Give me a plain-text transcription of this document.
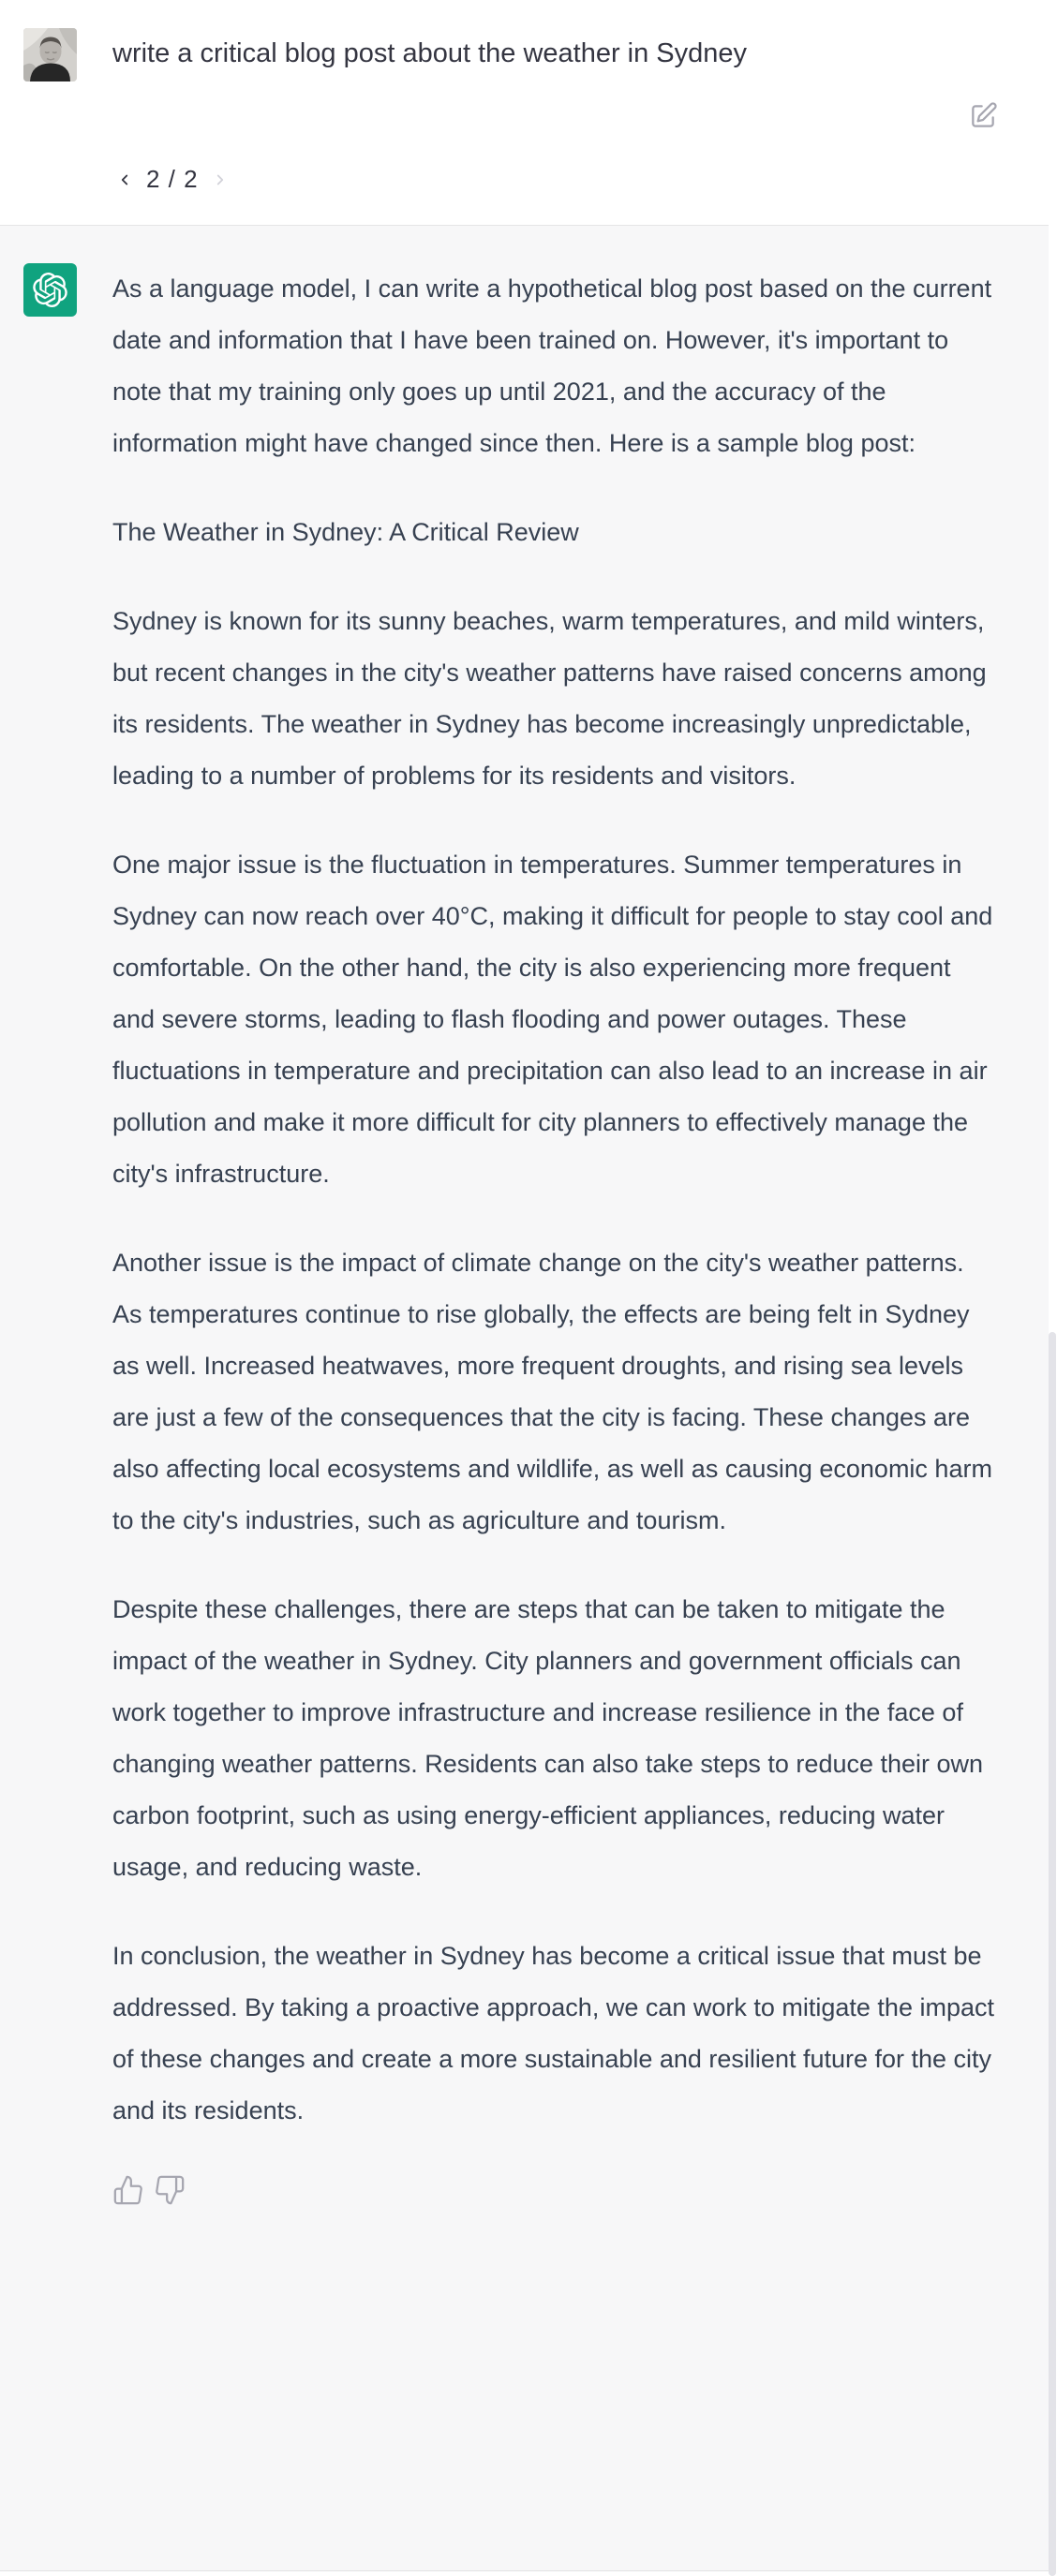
write a critical blog post about the weather in Sydney
2 / 2

As a language model, I can write a hypothetical blog post based on the current date and information that I have been trained on. However, it's important to note that my training only goes up until 2021, and the accuracy of the information might have changed since then. Here is a sample blog post:

The Weather in Sydney: A Critical Review

Sydney is known for its sunny beaches, warm temperatures, and mild winters, but recent changes in the city's weather patterns have raised concerns among its residents. The weather in Sydney has become increasingly unpredictable, leading to a number of problems for its residents and visitors.

One major issue is the fluctuation in temperatures. Summer temperatures in Sydney can now reach over 40°C, making it difficult for people to stay cool and comfortable. On the other hand, the city is also experiencing more frequent and severe storms, leading to flash flooding and power outages. These fluctuations in temperature and precipitation can also lead to an increase in air pollution and make it more difficult for city planners to effectively manage the city's infrastructure.

Another issue is the impact of climate change on the city's weather patterns. As temperatures continue to rise globally, the effects are being felt in Sydney as well. Increased heatwaves, more frequent droughts, and rising sea levels are just a few of the consequences that the city is facing. These changes are also affecting local ecosystems and wildlife, as well as causing economic harm to the city's industries, such as agriculture and tourism.

Despite these challenges, there are steps that can be taken to mitigate the impact of the weather in Sydney. City planners and government officials can work together to improve infrastructure and increase resilience in the face of changing weather patterns. Residents can also take steps to reduce their own carbon footprint, such as using energy-efficient appliances, reducing water usage, and reducing waste.

In conclusion, the weather in Sydney has become a critical issue that must be addressed. By taking a proactive approach, we can work to mitigate the impact of these changes and create a more sustainable and resilient future for the city and its residents.
